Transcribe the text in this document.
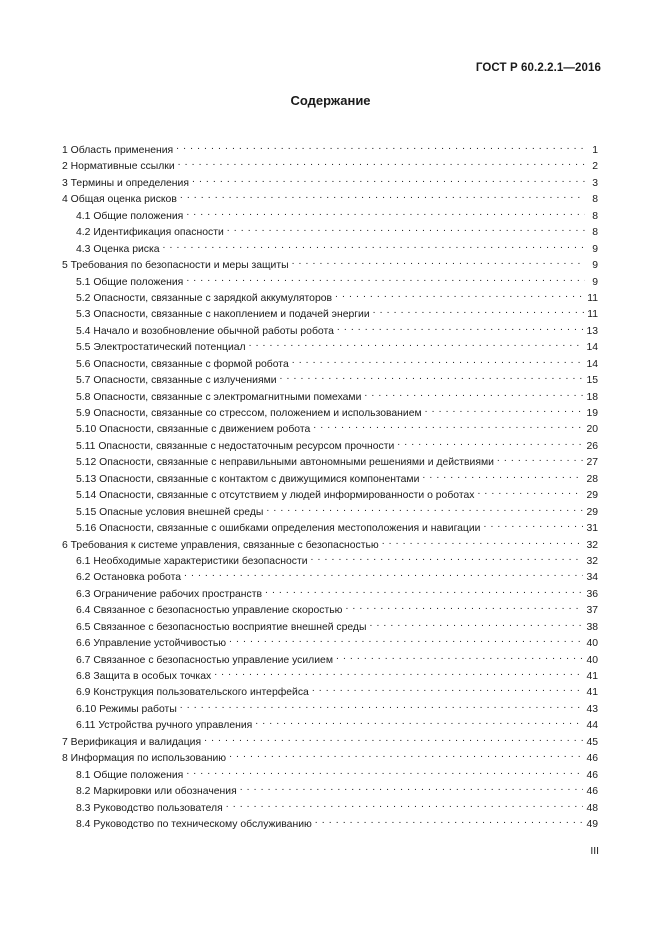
ГОСТ Р 60.2.2.1—2016
Содержание
1 Область применения . . .	1
2 Нормативные ссылки . . .	2
3 Термины и определения . . .	3
4 Общая оценка рисков . . .	8
4.1 Общие положения . . .	8
4.2 Идентификация опасности . . .	8
4.3 Оценка риска . . .	9
5 Требования по безопасности и меры защиты . . .	9
5.1 Общие положения . . .	9
5.2 Опасности, связанные с зарядкой аккумуляторов . . .	11
5.3 Опасности, связанные с накоплением и подачей энергии . . .	11
5.4 Начало и возобновление обычной работы робота . . .	13
5.5 Электростатический потенциал . . .	14
5.6 Опасности, связанные с формой робота . . .	14
5.7 Опасности, связанные с излучениями . . .	15
5.8 Опасности, связанные с электромагнитными помехами . . .	18
5.9 Опасности, связанные со стрессом, положением и использованием . . .	19
5.10 Опасности, связанные с движением робота . . .	20
5.11 Опасности, связанные с недостаточным ресурсом прочности . . .	26
5.12 Опасности, связанные с неправильными автономными решениями и действиями . . .	27
5.13 Опасности, связанные с контактом с движущимися компонентами . . .	28
5.14 Опасности, связанные с отсутствием у людей информированности о роботах . . .	29
5.15 Опасные условия внешней среды . . .	29
5.16 Опасности, связанные с ошибками определения местоположения и навигации . . .	31
6 Требования к системе управления, связанные с безопасностью . . .	32
6.1 Необходимые характеристики безопасности . . .	32
6.2 Остановка робота . . .	34
6.3 Ограничение рабочих пространств . . .	36
6.4 Связанное с безопасностью управление скоростью . . .	37
6.5 Связанное с безопасностью восприятие внешней среды . . .	38
6.6 Управление устойчивостью . . .	40
6.7 Связанное с безопасностью управление усилием . . .	40
6.8 Защита в особых точках . . .	41
6.9 Конструкция пользовательского интерфейса . . .	41
6.10 Режимы работы . . .	43
6.11 Устройства ручного управления . . .	44
7 Верификация и валидация . . .	45
8 Информация по использованию . . .	46
8.1 Общие положения . . .	46
8.2 Маркировки или обозначения . . .	46
8.3 Руководство пользователя . . .	48
8.4 Руководство по техническому обслуживанию . . .	49
III
